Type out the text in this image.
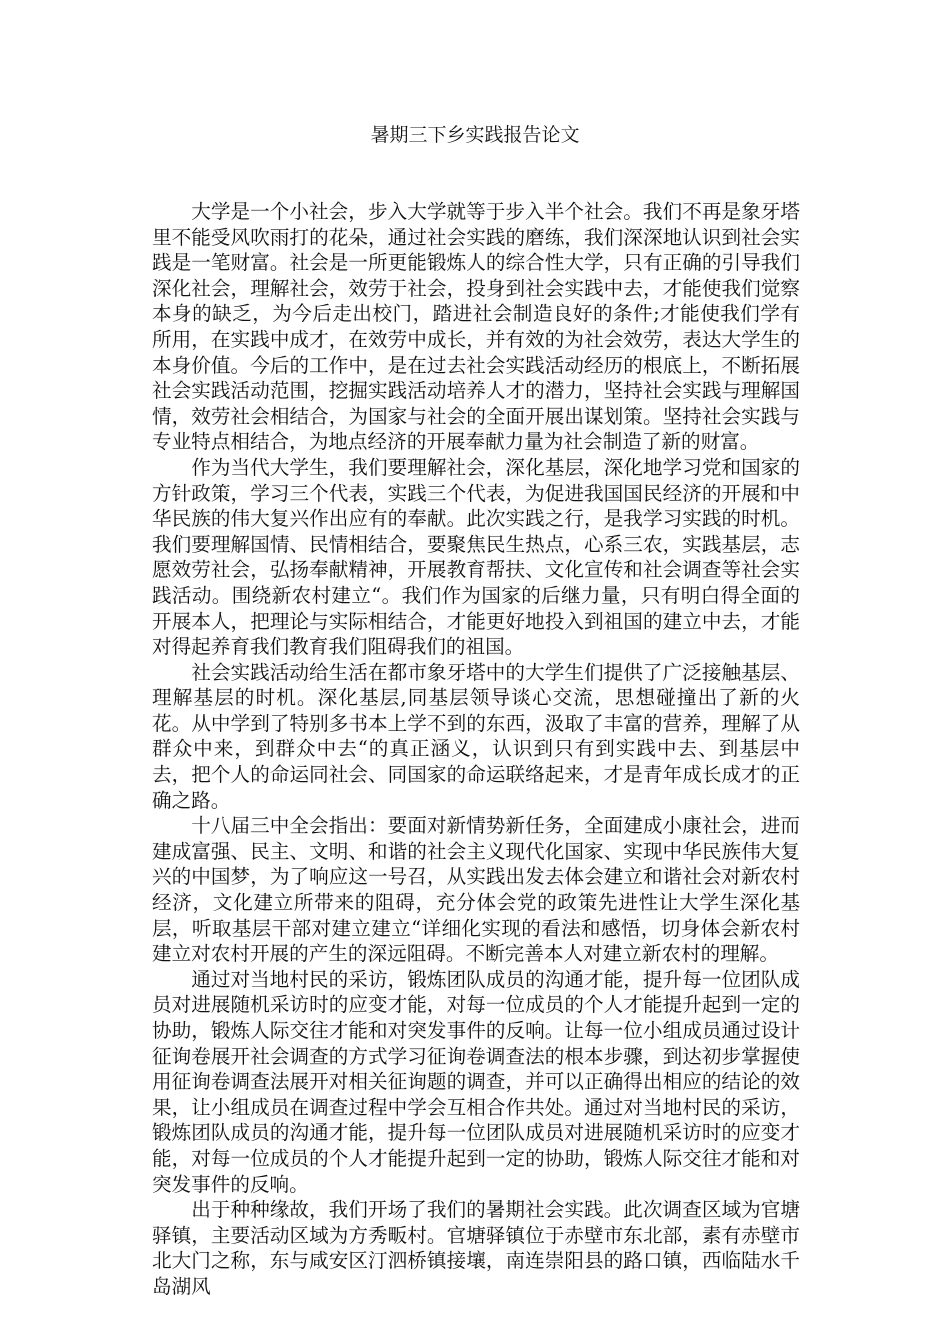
暑期三下乡实践报告论文

大学是一个小社会，步入大学就等于步入半个社会。我们不再是象牙塔里不能受风吹雨打的花朵，通过社会实践的磨练，我们深深地认识到社会实践是一笔财富。社会是一所更能锻炼人的综合性大学，只有正确的引导我们深化社会，理解社会，效劳于社会，投身到社会实践中去，才能使我们觉察本身的缺乏，为今后走出校门，踏进社会制造良好的条件;才能使我们学有所用，在实践中成才，在效劳中成长，并有效的为社会效劳，表达大学生的本身价值。今后的工作中，是在过去社会实践活动经历的根底上，不断拓展社会实践活动范围，挖掘实践活动培养人才的潜力，坚持社会实践与理解国情，效劳社会相结合，为国家与社会的全面开展出谋划策。坚持社会实践与专业特点相结合，为地点经济的开展奉献力量为社会制造了新的财富。

作为当代大学生，我们要理解社会，深化基层，深化地学习党和国家的方针政策，学习三个代表，实践三个代表，为促进我国国民经济的开展和中华民族的伟大复兴作出应有的奉献。此次实践之行，是我学习实践的时机。我们要理解国情、民情相结合，要聚焦民生热点，心系三农，实践基层，志愿效劳社会，弘扬奉献精神，开展教育帮扶、文化宣传和社会调查等社会实践活动。围绕新农村建立“。我们作为国家的后继力量，只有明白得全面的开展本人，把理论与实际相结合，才能更好地投入到祖国的建立中去，才能对得起养育我们教育我们阻碍我们的祖国。

社会实践活动给生活在都市象牙塔中的大学生们提供了广泛接触基层、理解基层的时机。深化基层,同基层领导谈心交流，思想碰撞出了新的火花。从中学到了特别多书本上学不到的东西，汲取了丰富的营养，理解了从群众中来，到群众中去“的真正涵义，认识到只有到实践中去、到基层中去，把个人的命运同社会、同国家的命运联络起来，才是青年成长成才的正确之路。

十八届三中全会指出：要面对新情势新任务，全面建成小康社会，进而建成富强、民主、文明、和谐的社会主义现代化国家、实现中华民族伟大复兴的中国梦，为了响应这一号召，从实践出发去体会建立和谐社会对新农村经济，文化建立所带来的阻碍，充分体会党的政策先进性让大学生深化基层，听取基层干部对建立建立“详细化实现的看法和感悟，切身体会新农村建立对农村开展的产生的深远阻碍。不断完善本人对建立新农村的理解。

通过对当地村民的采访，锻炼团队成员的沟通才能，提升每一位团队成员对进展随机采访时的应变才能，对每一位成员的个人才能提升起到一定的协助，锻炼人际交往才能和对突发事件的反响。让每一位小组成员通过设计征询卷展开社会调查的方式学习征询卷调查法的根本步骤，到达初步掌握使用征询卷调查法展开对相关征询题的调查，并可以正确得出相应的结论的效果，让小组成员在调查过程中学会互相合作共处。通过对当地村民的采访，锻炼团队成员的沟通才能，提升每一位团队成员对进展随机采访时的应变才能，对每一位成员的个人才能提升起到一定的协助，锻炼人际交往才能和对突发事件的反响。

出于种种缘故，我们开场了我们的暑期社会实践。此次调查区域为官塘驿镇，主要活动区域为方秀畈村。官塘驿镇位于赤壁市东北部，素有赤壁市北大门之称，东与咸安区汀泗桥镇接壤，南连崇阳县的路口镇，西临陆水千岛湖风
